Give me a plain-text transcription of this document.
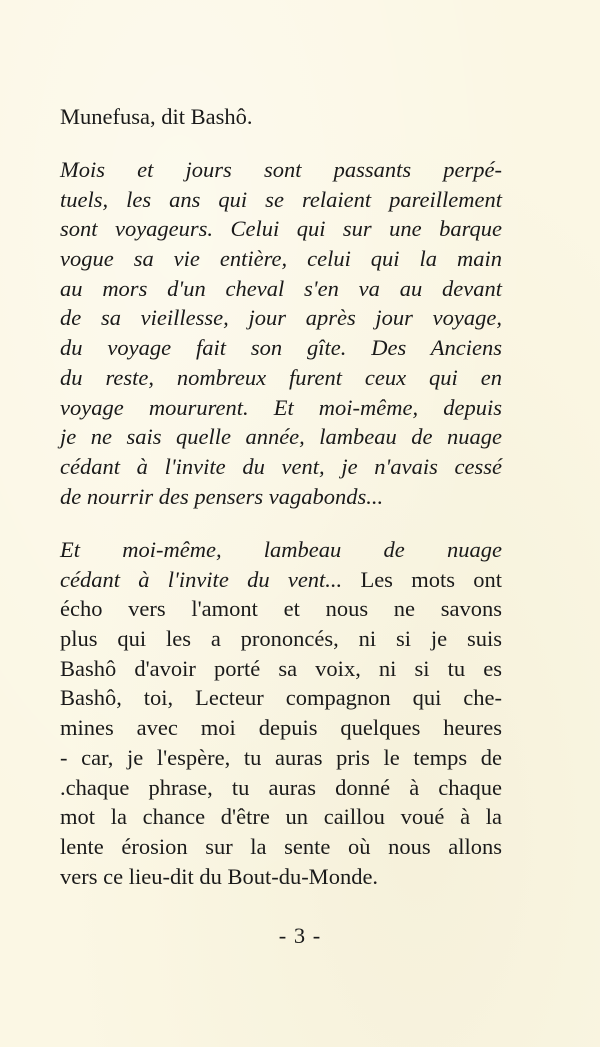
Munefusa, dit Bashô.
Mois et jours sont passants perpé-
tuels, les ans qui se relaient pareillement
sont voyageurs. Celui qui sur une barque
vogue sa vie entière, celui qui la main
au mors d'un cheval s'en va au devant
de sa vieillesse, jour après jour voyage,
du voyage fait son gîte. Des Anciens
du reste, nombreux furent ceux qui en
voyage moururent. Et moi-même, depuis
je ne sais quelle année, lambeau de nuage
cédant à l'invite du vent, je n'avais cessé
de nourrir des pensers vagabonds...
Et moi-même, lambeau de nuage
cédant à l'invite du vent... Les mots ont
écho vers l'amont et nous ne savons
plus qui les a prononcés, ni si je suis
Bashô d'avoir porté sa voix, ni si tu es
Bashô, toi, Lecteur compagnon qui che-
mines avec moi depuis quelques heures
- car, je l'espère, tu auras pris le temps de
.chaque phrase, tu auras donné à chaque
mot la chance d'être un caillou voué à la
lente érosion sur la sente où nous allons
vers ce lieu-dit du Bout-du-Monde.
- 3 -
